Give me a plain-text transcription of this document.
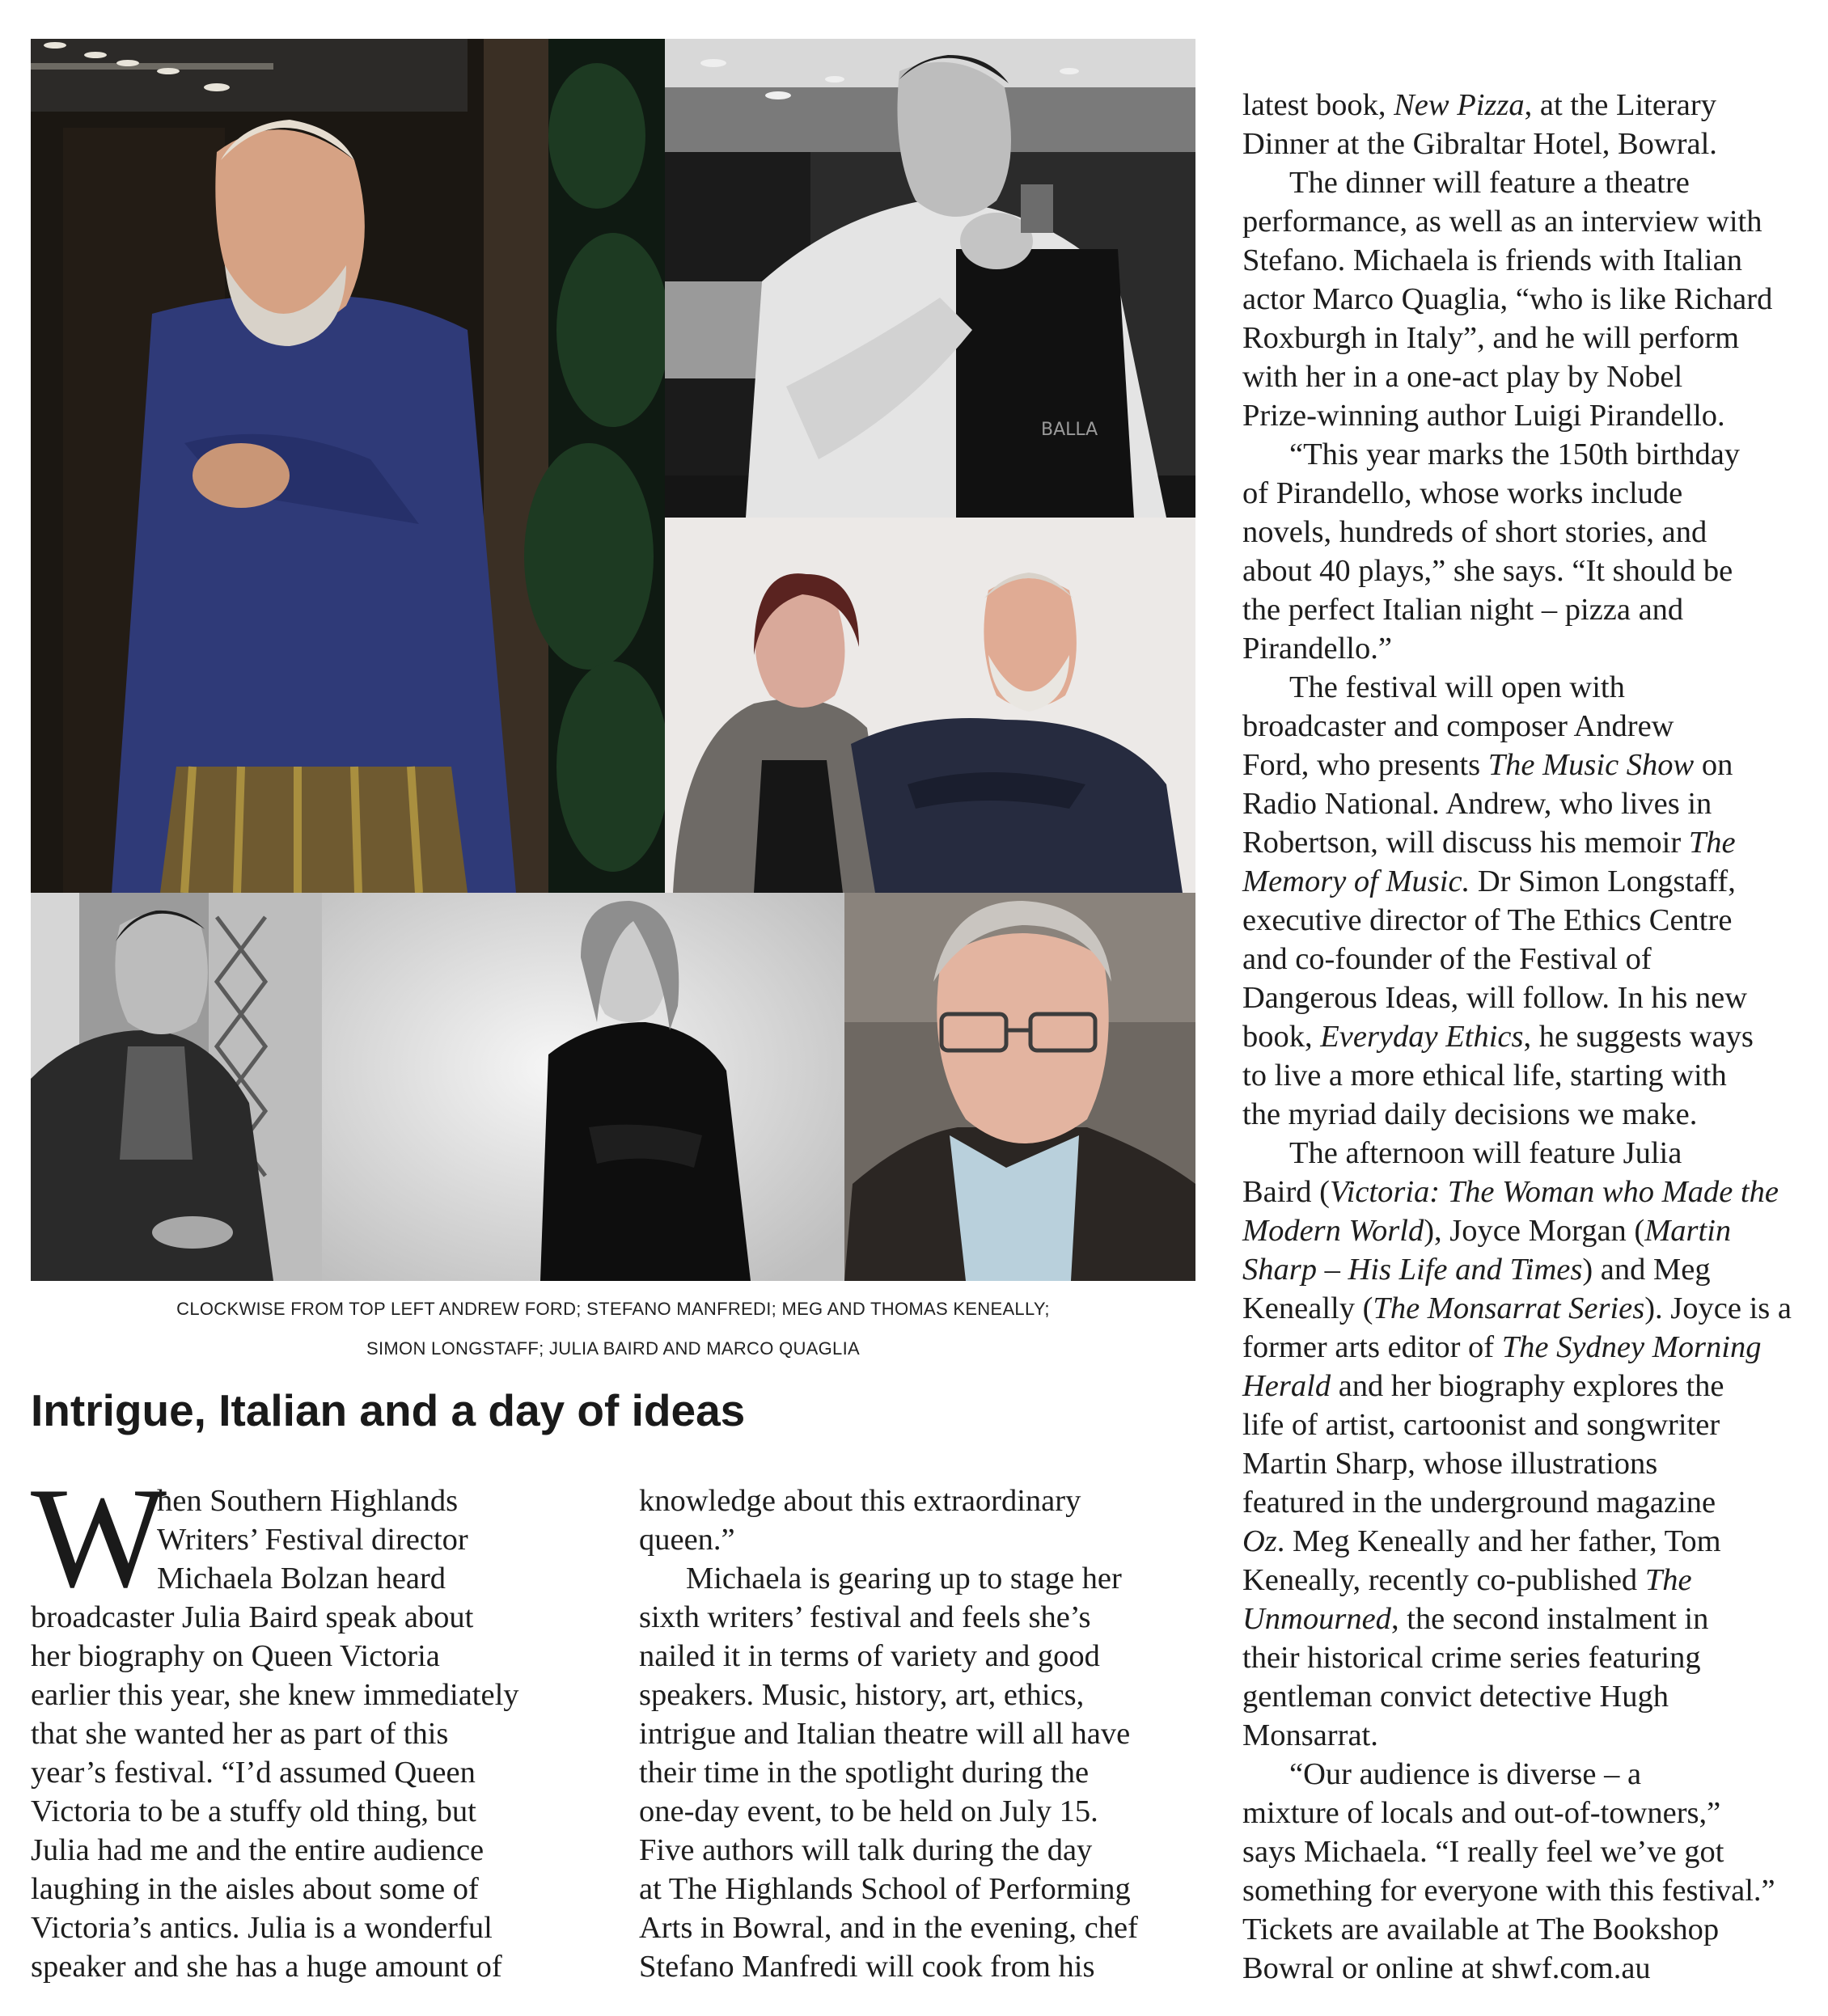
BALLA
CLOCKWISE FROM TOP LEFT ANDREW FORD; STEFANO MANFREDI; MEG AND THOMAS KENEALLY;
SIMON LONGSTAFF; JULIA BAIRD AND MARCO QUAGLIA
Intrigue, Italian and a day of ideas
W
hen Southern Highlands
Writers’ Festival director
Michaela Bolzan heard
broadcaster Julia Baird speak about
her biography on Queen Victoria
earlier this year, she knew immediately
that she wanted her as part of this
year’s festival. “I’d assumed Queen
Victoria to be a stuffy old thing, but
Julia had me and the entire audience
laughing in the aisles about some of
Victoria’s antics. Julia is a wonderful
speaker and she has a huge amount of
knowledge about this extraordinary
queen.”
Michaela is gearing up to stage her
sixth writers’ festival and feels she’s
nailed it in terms of variety and good
speakers. Music, history, art, ethics,
intrigue and Italian theatre will all have
their time in the spotlight during the
one-day event, to be held on July 15.
Five authors will talk during the day
at The Highlands School of Performing
Arts in Bowral, and in the evening, chef
Stefano Manfredi will cook from his
latest book, New Pizza, at the Literary
Dinner at the Gibraltar Hotel, Bowral.
The dinner will feature a theatre
performance, as well as an interview with
Stefano. Michaela is friends with Italian
actor Marco Quaglia, “who is like Richard
Roxburgh in Italy”, and he will perform
with her in a one-act play by Nobel
Prize-winning author Luigi Pirandello.
“This year marks the 150th birthday
of Pirandello, whose works include
novels, hundreds of short stories, and
about 40 plays,” she says. “It should be
the perfect Italian night – pizza and
Pirandello.”
The festival will open with
broadcaster and composer Andrew
Ford, who presents The Music Show on
Radio National. Andrew, who lives in
Robertson, will discuss his memoir The
Memory of Music. Dr Simon Longstaff,
executive director of The Ethics Centre
and co-founder of the Festival of
Dangerous Ideas, will follow. In his new
book, Everyday Ethics, he suggests ways
to live a more ethical life, starting with
the myriad daily decisions we make.
The afternoon will feature Julia
Baird (Victoria: The Woman who Made the
Modern World), Joyce Morgan (Martin
Sharp – His Life and Times) and Meg
Keneally (The Monsarrat Series). Joyce is a
former arts editor of The Sydney Morning
Herald and her biography explores the
life of artist, cartoonist and songwriter
Martin Sharp, whose illustrations
featured in the underground magazine
Oz. Meg Keneally and her father, Tom
Keneally, recently co-published The
Unmourned, the second instalment in
their historical crime series featuring
gentleman convict detective Hugh
Monsarrat.
“Our audience is diverse – a
mixture of locals and out-of-towners,”
says Michaela. “I really feel we’ve got
something for everyone with this festival.”
Tickets are available at The Bookshop
Bowral or online at shwf.com.au
